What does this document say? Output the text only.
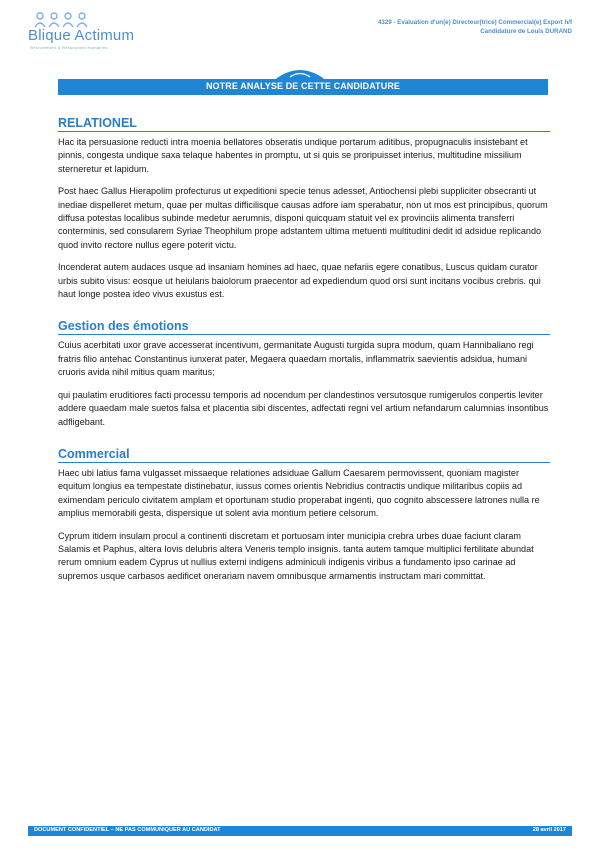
Blique Actimum
Recrutement & Ressources Humaines
4329 - Evaluation d'un(e) Directeur(trice) Commercial(e) Export h/f
Candidature de Louis DURAND
NOTRE ANALYSE DE CETTE CANDIDATURE
RELATIONEL

Hac ita persuasione reducti intra moenia bellatores obseratis undique portarum aditibus, propugnaculis insistebant et pinnis, congesta undique saxa telaque habentes in promptu, ut si quis se proripuisset interius, multitudine missilium sterneretur et lapidum.

Post haec Gallus Hierapolim profecturus ut expeditioni specie tenus adesset, Antiochensi plebi suppliciter obsecranti ut inediae dispelleret metum, quae per multas difficilisque causas adfore iam sperabatur, non ut mos est principibus, quorum diffusa potestas localibus subinde medetur aerumnis, disponi quicquam statuit vel ex provinciis alimenta transferri conterminis, sed consularem Syriae Theophilum prope adstantem ultima metuenti multitudini dedit id adsidue replicando quod invito rectore nullus egere poterit victu.

Incenderat autem audaces usque ad insaniam homines ad haec, quae nefariis egere conatibus, Luscus quidam curator urbis subito visus: eosque ut heiulans baiolorum praecentor ad expediendum quod orsi sunt incitans vocibus crebris. qui haut longe postea ideo vivus exustus est.

Gestion des émotions

Cuius acerbitati uxor grave accesserat incentivum, germanitate Augusti turgida supra modum, quam Hannibaliano regi fratris filio antehac Constantinus iunxerat pater, Megaera quaedam mortalis, inflammatrix saevientis adsidua, humani cruoris avida nihil mitius quam maritus;

qui paulatim eruditiores facti processu temporis ad nocendum per clandestinos versutosque rumigerulos conpertis leviter addere quaedam male suetos falsa et placentia sibi discentes, adfectati regni vel artium nefandarum calumnias insontibus adfligebant.

Commercial

Haec ubi latius fama vulgasset missaeque relationes adsiduae Gallum Caesarem permovissent, quoniam magister equitum longius ea tempestate distinebatur, iussus comes orientis Nebridius contractis undique militaribus copiis ad eximendam periculo civitatem amplam et oportunam studio properabat ingenti, quo cognito abscessere latrones nulla re amplius memorabili gesta, dispersique ut solent avia montium petiere celsorum.

Cyprum itidem insulam procul a continenti discretam et portuosam inter municipia crebra urbes duae faciunt claram Salamis et Paphus, altera Iovis delubris altera Veneris templo insignis. tanta autem tamque multiplici fertilitate abundat rerum omnium eadem Cyprus ut nullius externi indigens adminiculi indigenis viribus a fundamento ipso carinae ad supremos usque carbasos aedificet onerariam navem omnibusque armamentis instructam mari committat.

DOCUMENT CONFIDENTIEL – NE PAS COMMUNIQUER AU CANDIDAT	28 avril 2017
